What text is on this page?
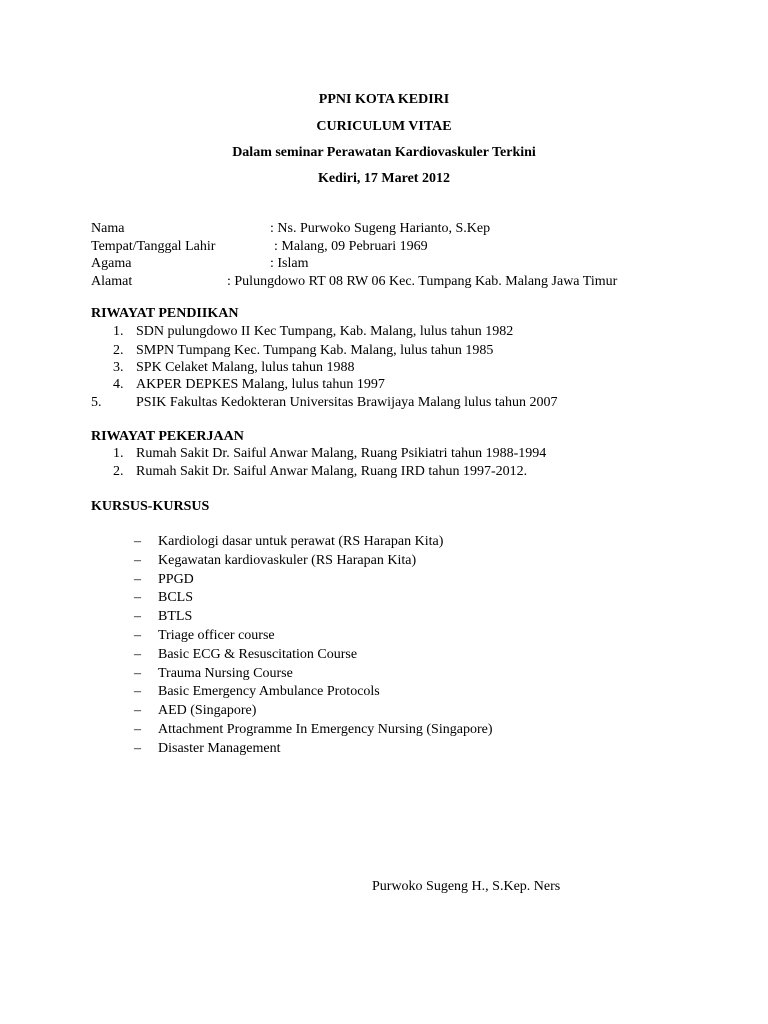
PPNI KOTA KEDIRI
CURICULUM VITAE
Dalam seminar Perawatan Kardiovaskuler Terkini
Kediri, 17 Maret 2012
Nama	: Ns. Purwoko Sugeng Harianto, S.Kep
Tempat/Tanggal Lahir	: Malang, 09 Pebruari 1969
Agama	: Islam
Alamat	: Pulungdowo RT 08 RW 06 Kec. Tumpang Kab. Malang Jawa Timur
RIWAYAT PENDIIKAN
1. SDN pulungdowo II Kec Tumpang, Kab. Malang, lulus tahun 1982
2. SMPN Tumpang Kec. Tumpang Kab. Malang, lulus tahun 1985
3. SPK Celaket Malang, lulus tahun 1988
4. AKPER DEPKES Malang, lulus tahun 1997
5. PSIK Fakultas Kedokteran Universitas Brawijaya Malang lulus tahun 2007
RIWAYAT PEKERJAAN
1. Rumah Sakit Dr. Saiful Anwar Malang, Ruang Psikiatri tahun 1988-1994
2. Rumah Sakit Dr. Saiful Anwar Malang, Ruang IRD tahun 1997-2012.
KURSUS-KURSUS
– Kardiologi dasar untuk perawat (RS Harapan Kita)
– Kegawatan kardiovaskuler (RS Harapan Kita)
– PPGD
– BCLS
– BTLS
– Triage officer course
– Basic ECG & Resuscitation Course
– Trauma Nursing Course
– Basic Emergency Ambulance Protocols
– AED (Singapore)
– Attachment Programme In Emergency Nursing (Singapore)
– Disaster Management
Purwoko Sugeng H., S.Kep. Ners
